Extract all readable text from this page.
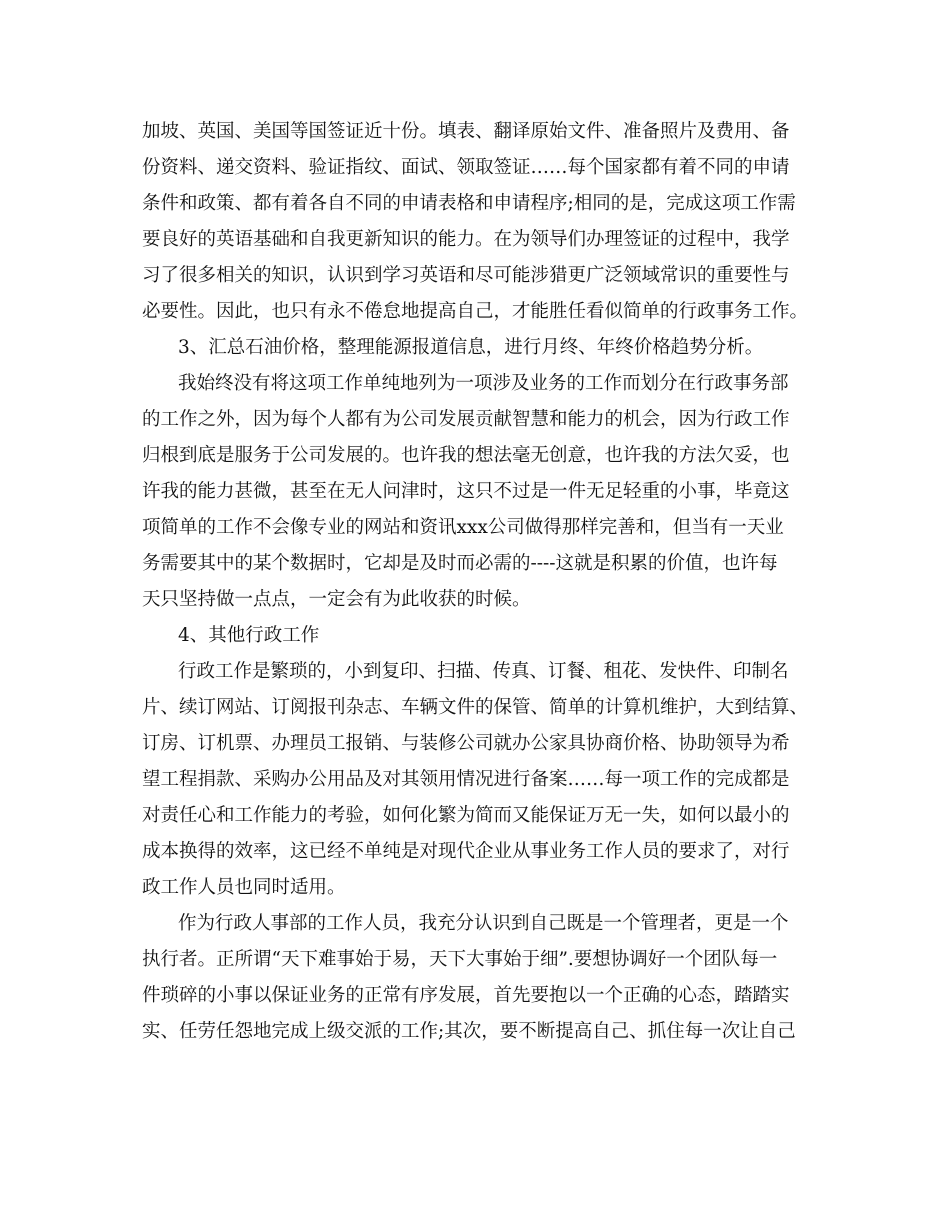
加坡、英国、美国等国签证近十份。填表、翻译原始文件、准备照片及费用、备

份资料、递交资料、验证指纹、面试、领取签证……每个国家都有着不同的申请

条件和政策、都有着各自不同的申请表格和申请程序;相同的是，完成这项工作需

要良好的英语基础和自我更新知识的能力。在为领导们办理签证的过程中，我学

习了很多相关的知识，认识到学习英语和尽可能涉猎更广泛领域常识的重要性与

必要性。因此，也只有永不倦怠地提高自己，才能胜任看似简单的行政事务工作。

3、汇总石油价格，整理能源报道信息，进行月终、年终价格趋势分析。

我始终没有将这项工作单纯地列为一项涉及业务的工作而划分在行政事务部

的工作之外，因为每个人都有为公司发展贡献智慧和能力的机会，因为行政工作

归根到底是服务于公司发展的。也许我的想法毫无创意，也许我的方法欠妥，也

许我的能力甚微，甚至在无人问津时，这只不过是一件无足轻重的小事，毕竟这

项简单的工作不会像专业的网站和资讯xxx公司做得那样完善和，但当有一天业

务需要其中的某个数据时，它却是及时而必需的----这就是积累的价值，也许每

天只坚持做一点点，一定会有为此收获的时候。

4、其他行政工作

行政工作是繁琐的，小到复印、扫描、传真、订餐、租花、发快件、印制名

片、续订网站、订阅报刊杂志、车辆文件的保管、简单的计算机维护，大到结算、

订房、订机票、办理员工报销、与装修公司就办公家具协商价格、协助领导为希

望工程捐款、采购办公用品及对其领用情况进行备案……每一项工作的完成都是

对责任心和工作能力的考验，如何化繁为简而又能保证万无一失，如何以最小的

成本换得的效率，这已经不单纯是对现代企业从事业务工作人员的要求了，对行

政工作人员也同时适用。

作为行政人事部的工作人员，我充分认识到自己既是一个管理者，更是一个

执行者。正所谓“天下难事始于易，天下大事始于细”.要想协调好一个团队每一

件琐碎的小事以保证业务的正常有序发展，首先要抱以一个正确的心态，踏踏实

实、任劳任怨地完成上级交派的工作;其次，要不断提高自己、抓住每一次让自己
